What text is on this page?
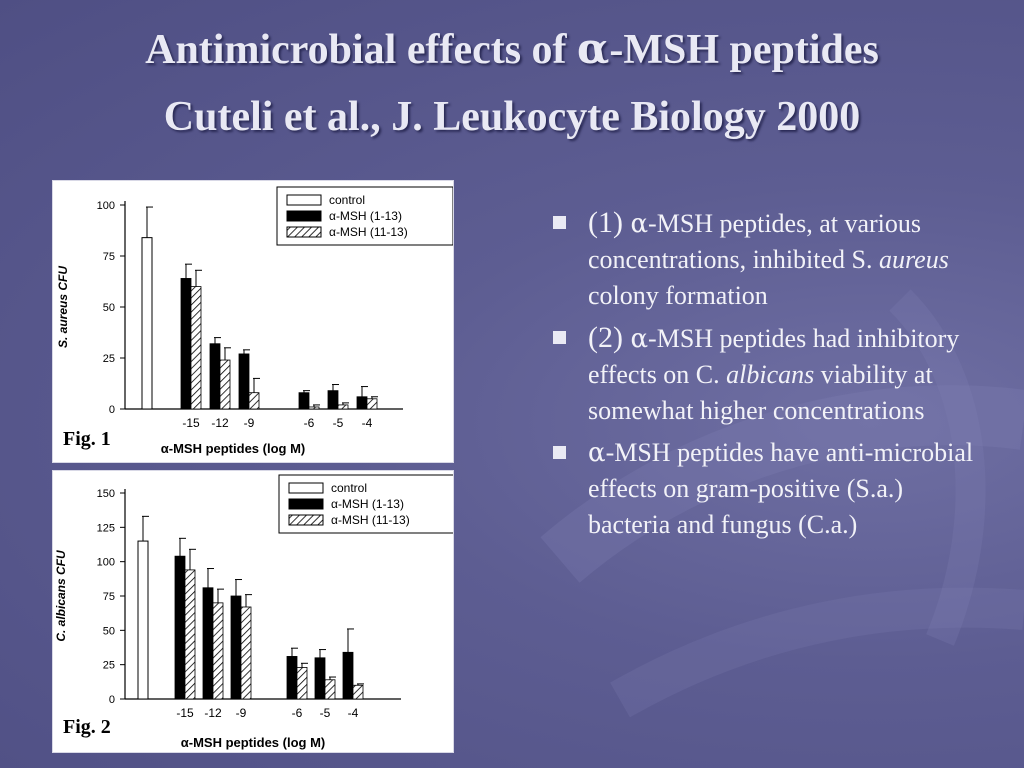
Antimicrobial effects of α-MSH peptides
Cuteli et al., J. Leukocyte Biology 2000
0
25
50
75
100
S. aureus CFU
-15 -12 -9	-6 -5 -4
α-MSH peptides (log M)
control
α-MSH (1-13)
α-MSH (11-13)
Fig. 1
0
25
50
75
100
125
150
C. albicans CFU
-15 -12 -9	-6 -5 -4
α-MSH peptides (log M)
control
α-MSH (1-13)
α-MSH (11-13)
Fig. 2
(1) α-MSH peptides, at various concentrations, inhibited S. aureus colony formation
(2) α-MSH peptides had inhibitory effects on C. albicans viability at somewhat higher concentrations
α-MSH peptides have anti-microbial effects on gram-positive (S.a.) bacteria and fungus (C.a.)
